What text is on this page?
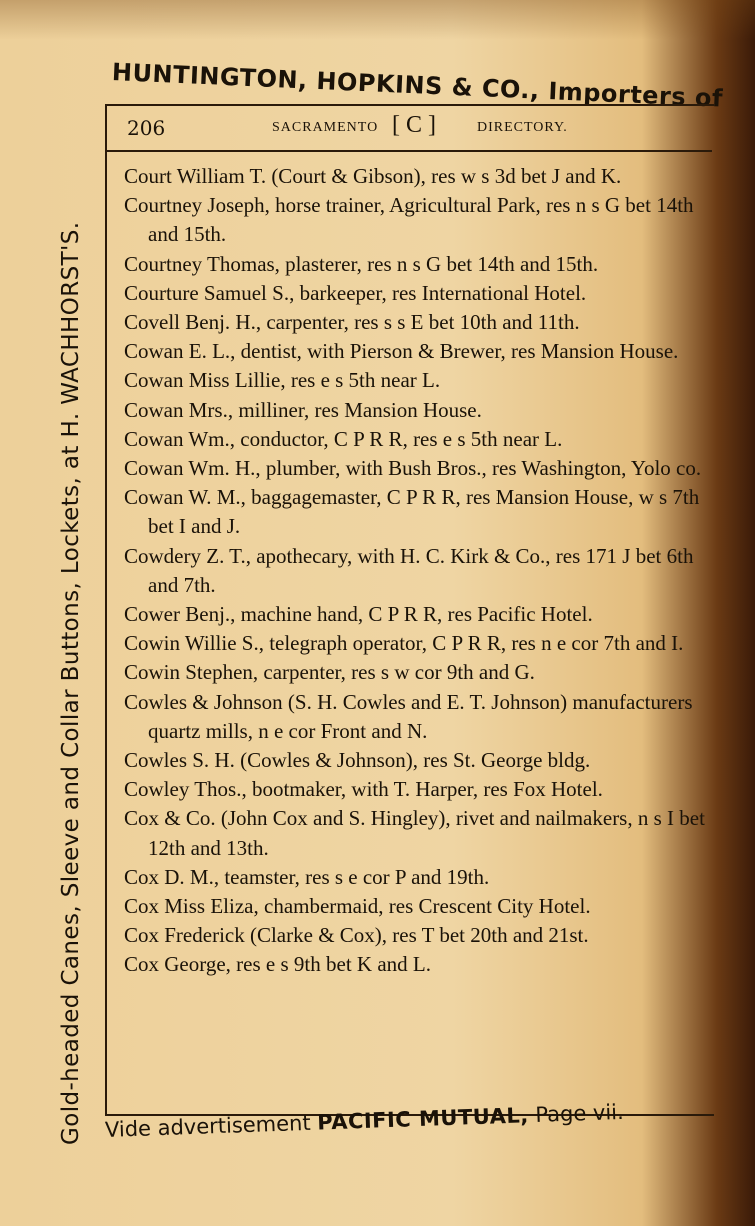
HUNTINGTON, HOPKINS & CO., Importers of
Gold-headed Canes, Sleeve and Collar Buttons, Lockets, at H. WACHHORST'S.
206	SACRAMENTO [ C ]	DIRECTORY.

Court William T. (Court & Gibson), res w s 3d bet J and K.

Courtney Joseph, horse trainer, Agricultural Park, res n s G bet 14th and 15th.

Courtney Thomas, plasterer, res n s G bet 14th and 15th.

Courture Samuel S., barkeeper, res International Hotel.

Covell Benj. H., carpenter, res s s E bet 10th and 11th.

Cowan E. L., dentist, with Pierson & Brewer, res Mansion House.

Cowan Miss Lillie, res e s 5th near L.

Cowan Mrs., milliner, res Mansion House.

Cowan Wm., conductor, C P R R, res e s 5th near L.

Cowan Wm. H., plumber, with Bush Bros., res Washington, Yolo co.

Cowan W. M., baggagemaster, C P R R, res Mansion House, w s 7th bet I and J.

Cowdery Z. T., apothecary, with H. C. Kirk & Co., res 171 J bet 6th and 7th.

Cower Benj., machine hand, C P R R, res Pacific Hotel.

Cowin Willie S., telegraph operator, C P R R, res n e cor 7th and I.

Cowin Stephen, carpenter, res s w cor 9th and G.

Cowles & Johnson (S. H. Cowles and E. T. Johnson) manufacturers quartz mills, n e cor Front and N.

Cowles S. H. (Cowles & Johnson), res St. George bldg.

Cowley Thos., bootmaker, with T. Harper, res Fox Hotel.

Cox & Co. (John Cox and S. Hingley), rivet and nailmakers, n s I bet 12th and 13th.

Cox D. M., teamster, res s e cor P and 19th.

Cox Miss Eliza, chambermaid, res Crescent City Hotel.

Cox Frederick (Clarke & Cox), res T bet 20th and 21st.

Cox George, res e s 9th bet K and L.

Vide advertisement PACIFIC MUTUAL, Page vii.
